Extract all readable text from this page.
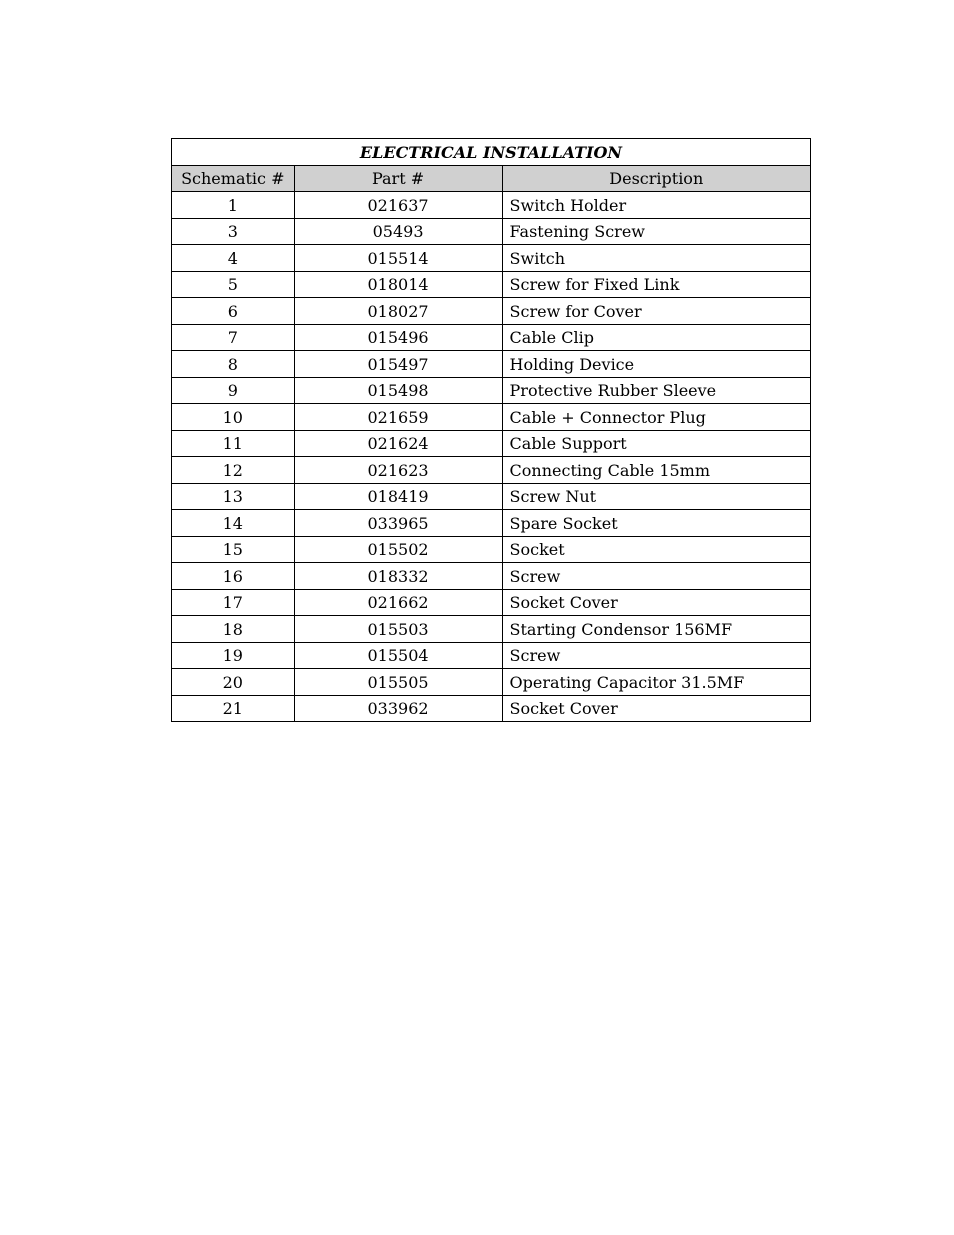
ELECTRICAL INSTALLATION		
Schematic #	Part #	Description
1	021637	Switch Holder
3	05493	Fastening Screw
4	015514	Switch
5	018014	Screw for Fixed Link
6	018027	Screw for Cover
7	015496	Cable Clip
8	015497	Holding Device
9	015498	Protective Rubber Sleeve
10	021659	Cable + Connector Plug
11	021624	Cable Support
12	021623	Connecting Cable 15mm
13	018419	Screw Nut
14	033965	Spare Socket
15	015502	Socket
16	018332	Screw
17	021662	Socket Cover
18	015503	Starting Condensor 156MF
19	015504	Screw
20	015505	Operating Capacitor 31.5MF
21	033962	Socket Cover
